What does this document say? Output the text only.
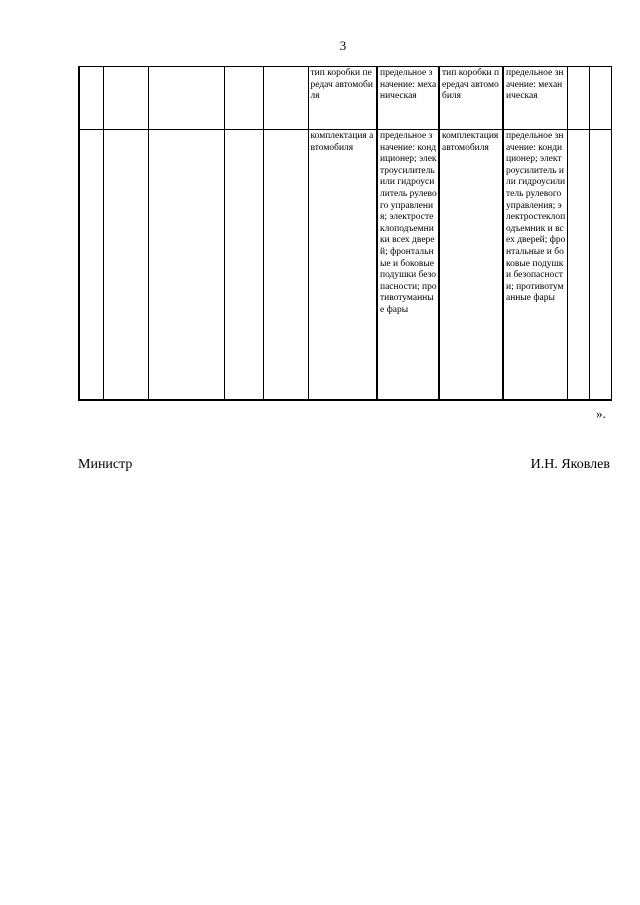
3
					тип коробки передач автомобиля	предельное значение: механическая	тип коробки передач автомобиля	предельное значение: механическая		
					комплектация автомобиля	предельное значение: кондиционер; электроусилитель или гидроусилитель рулевого управления; электростеклоподъемники всех дверей; фронтальные и боковые подушки безопасности; противотуманные фары	комплектация автомобиля	предельное значение: кондиционер; электроусилитель или гидроусилитель рулевого управления; электростеклоподъемник и всех дверей; фронтальные и боковые подушки безопасности; противотуманные фары		
».
Министр	И.Н. Яковлев
